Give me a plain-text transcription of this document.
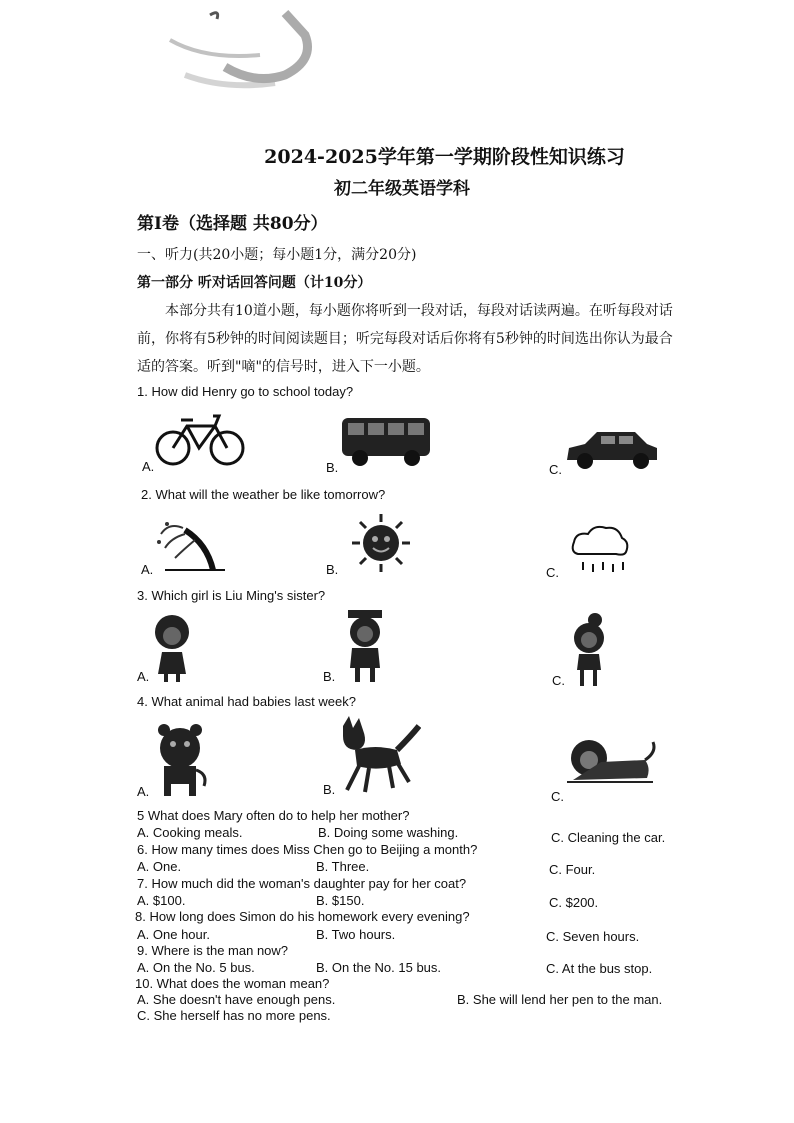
2024-2025学年第一学期阶段性知识练习
初二年级英语学科
第I卷（选择题 共80分）
一、听力(共20小题；每小题1分，满分20分)
第一部分 听对话回答问题（计10分）
本部分共有10道小题，每小题你将听到一段对话，每段对话读两遍。在听每段对话前，你将有5秒钟的时间阅读题目；听完每段对话后你将有5秒钟的时间选出你认为最合适的答案。听到"嘀"的信号时，进入下一小题。
1. How did Henry go to school today?
A.	B.	C.
2. What will the weather be like tomorrow?
A.	B.	C.
3. Which girl is Liu Ming's sister?
A.	B.	C.
4. What animal had babies last week?
A.	B.	C.
5 What does Mary often do to help her mother?
A. Cooking meals.	B. Doing some washing.	C. Cleaning the car.
6. How many times does Miss Chen go to Beijing a month?
A. One.	B. Three.	C. Four.
7. How much did the woman's daughter pay for her coat?
A. $100.	B. $150.	C. $200.
8. How long does Simon do his homework every evening?
A. One hour.	B. Two hours.	C. Seven hours.
9. Where is the man now?
A. On the No. 5 bus.	B. On the No. 15 bus.	C. At the bus stop.
10. What does the woman mean?
A. She doesn't have enough pens.	B. She will lend her pen to the man.
C. She herself has no more pens.
